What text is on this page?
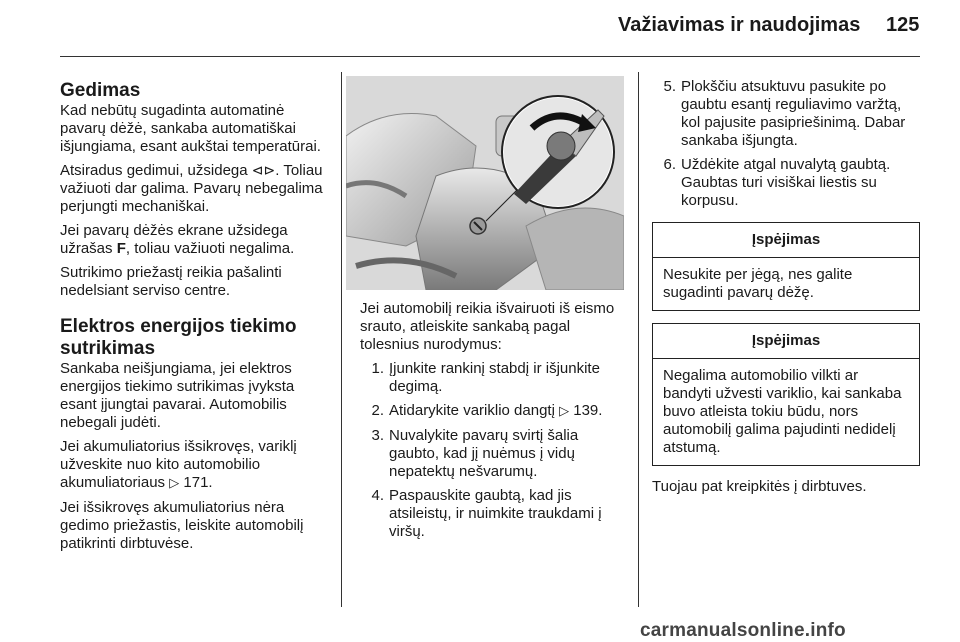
Važiavimas ir naudojimas 125
Gedimas

Kad nebūtų sugadinta automatinė pavarų dėžė, sankaba automatiškai išjungiama, esant aukštai temperatūrai.

Atsiradus gedimui, užsidega ⊲⊳. Toliau važiuoti dar galima. Pavarų nebegalima perjungti mechaniškai.

Jei pavarų dėžės ekrane užsidega užrašas F, toliau važiuoti negalima.

Sutrikimo priežastį reikia pašalinti nedelsiant serviso centre.

Elektros energijos tiekimo sutrikimas

Sankaba neišjungiama, jei elektros energijos tiekimo sutrikimas įvyksta esant įjungtai pavarai. Automobilis nebegali judėti.

Jei akumuliatorius išsikrovęs, variklį užveskite nuo kito automobilio akumuliatoriaus ▷ 171.

Jei išsikrovęs akumuliatorius nėra gedimo priežastis, leiskite automobilį patikrinti dirbtuvėse.

Jei automobilį reikia išvairuoti iš eismo srauto, atleiskite sankabą pagal tolesnius nurodymus:

1. Įjunkite rankinį stabdį ir išjunkite degimą.
2. Atidarykite variklio dangtį ▷ 139.
3. Nuvalykite pavarų svirtį šalia gaubto, kad jį nuėmus į vidų nepatektų nešvarumų.
4. Paspauskite gaubtą, kad jis atsileistų, ir nuimkite traukdami į viršų.
5. Plokščiu atsuktuvu pasukite po gaubtu esantį reguliavimo varžtą, kol pajusite pasipriešinimą. Dabar sankaba išjungta.
6. Uždėkite atgal nuvalytą gaubtą. Gaubtas turi visiškai liestis su korpusu.
Įspėjimas
Nesukite per jėgą, nes galite sugadinti pavarų dėžę.
Įspėjimas
Negalima automobilio vilkti ar bandyti užvesti variklio, kai sankaba buvo atleista tokiu būdu, nors automobilį galima pajudinti nedidelį atstumą.

Tuojau pat kreipkitės į dirbtuves.

carmanualsonline.info
